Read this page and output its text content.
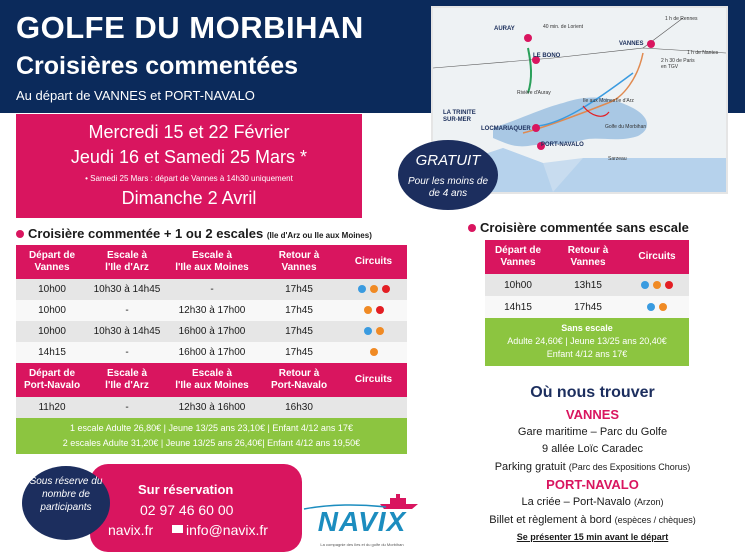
GOLFE DU MORBIHAN
Croisières commentées
Au départ de VANNES et PORT-NAVALO
AURAY
LE BONO
VANNES
LA TRINITE SUR-MER
LOCMARIAQUER
PORT-NAVALO
Golfe du Morbihan
Sarzeau
1 h de Rennes
40 min. de Lorient
1 h de Nantes
2 h 30 de Paris en TGV
Ile aux Moines Ile d'Arz
Rivière d'Auray
Mercredi 15 et 22 Février
Jeudi 16 et Samedi 25 Mars *
• Samedi 25 Mars : départ de Vannes à 14h30 uniquement
Dimanche 2 Avril
GRATUIT
Pour les moins de
de 4 ans
Croisière commentée + 1 ou 2 escales (Ile d'Arz ou Ile aux Moines)
Départ de
Vannes	Escale à
l'Ile d'Arz	Escale à
l'Ile aux Moines	Retour à
Vannes	Circuits
10h00	10h30 à 14h45	-	17h45	
10h00	-	12h30 à 17h00	17h45	
10h00	10h30 à 14h45	16h00 à 17h00	17h45	
14h15	-	16h00 à 17h00	17h45	
Départ de
Port-Navalo	Escale à
l'Ile d'Arz	Escale à
l'Ile aux Moines	Retour à
Port-Navalo	Circuits
11h20	-	12h30 à 16h00	16h30	
1 escale Adulte 26,80€ | Jeune 13/25 ans 23,10€ | Enfant 4/12 ans 17€
2 escales Adulte 31,20€ | Jeune 13/25 ans 26,40€| Enfant 4/12 ans 19,50€
Croisière commentée sans escale
Départ de
Vannes	Retour à
Vannes	Circuits
10h00	13h15	
14h15	17h45	
Sans escale
Adulte 24,60€ | Jeune 13/25 ans 20,40€
Enfant 4/12 ans 17€
Où nous trouver
VANNES
Gare maritime – Parc du Golfe
9 allée Loïc Caradec
Parking gratuit (Parc des Expositions Chorus)
PORT-NAVALO
La criée – Port-Navalo (Arzon)
Billet et règlement à bord (espèces / chèques)
Se présenter 15 min avant le départ
Sur réservation
02 97 46 60 00
navix.fr info@navix.fr
Sous réserve du nombre de participants	NAVIX
La compagnie des Iles et du golfe du Morbihan
